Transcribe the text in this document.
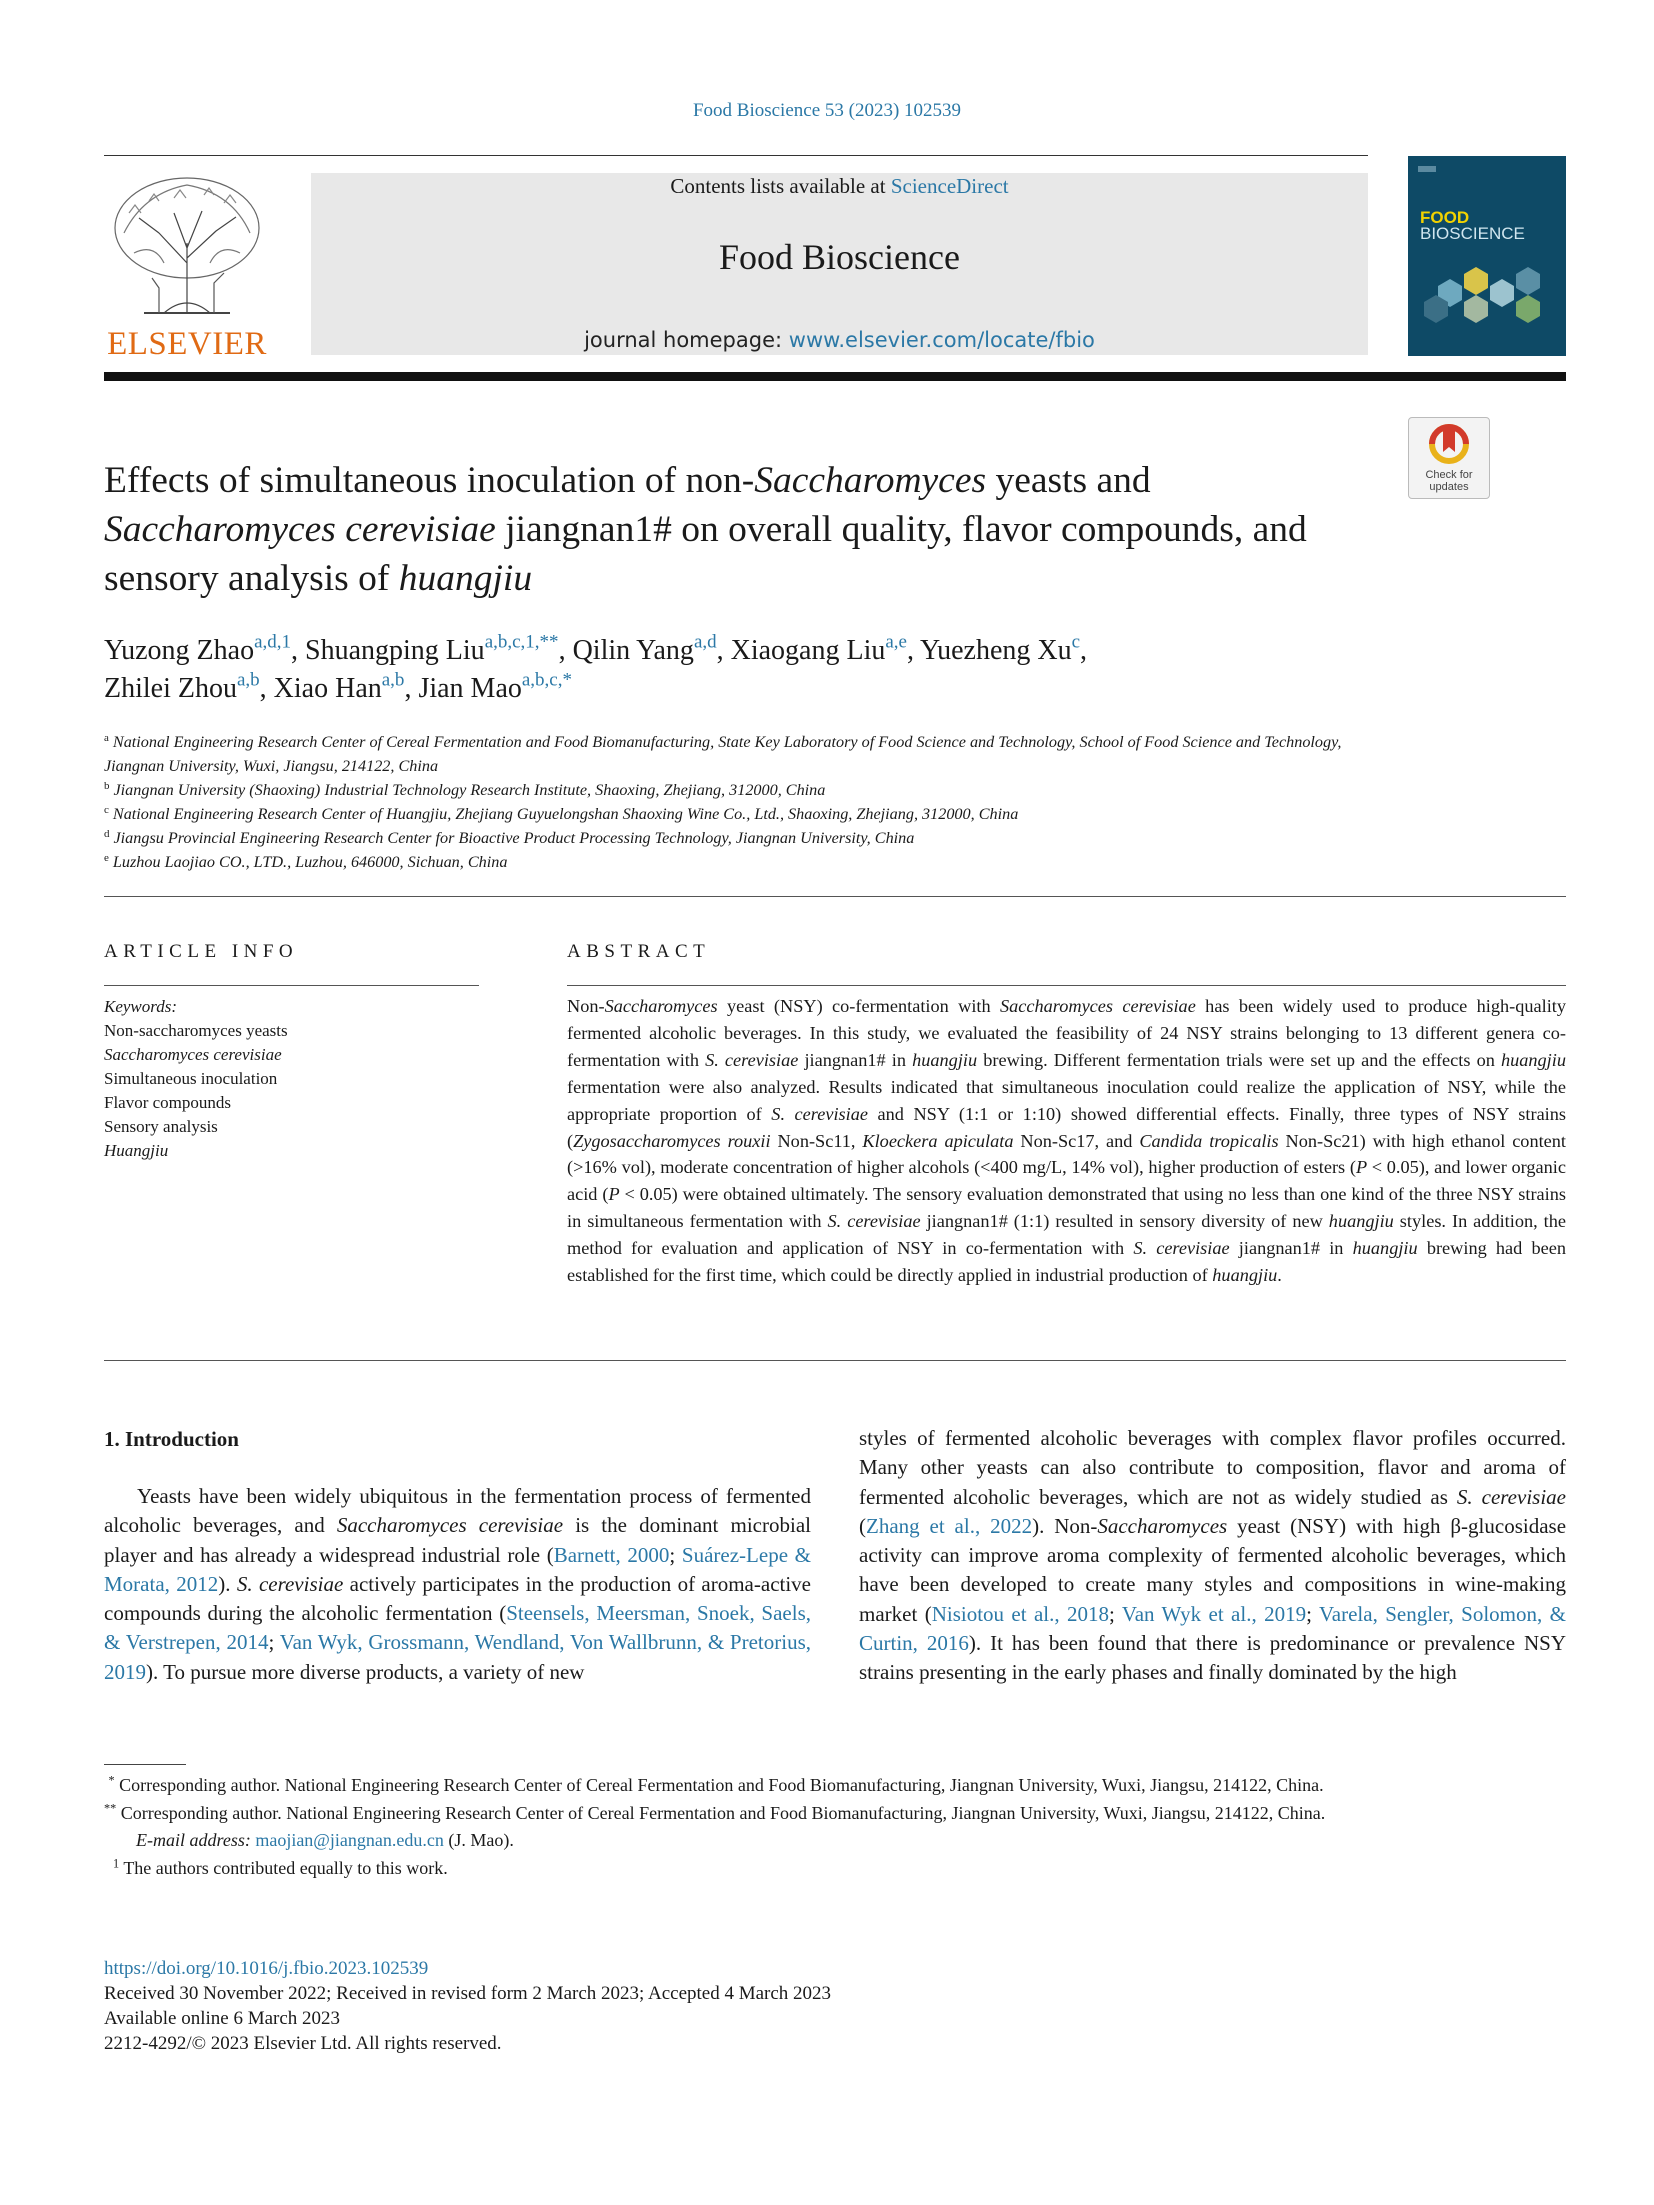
Food Bioscience 53 (2023) 102539
ELSEVIER
Contents lists available at ScienceDirect
Food Bioscience
journal homepage: www.elsevier.com/locate/fbio
FOOD
BIOSCIENCE
Check for updates
Effects of simultaneous inoculation of non-Saccharomyces yeasts and Saccharomyces cerevisiae jiangnan1# on overall quality, flavor compounds, and sensory analysis of huangjiu
Yuzong Zhao$^{a,d,1}$, Shuangping Liu$^{a,b,c,1,**}$, Qilin Yang$^{a,d}$, Xiaogang Liu$^{a,e}$, Yuezheng Xu$^c$,
Zhilei Zhou$^{a,b}$, Xiao Han$^{a,b}$, Jian Mao$^{a,b,c,*}$

$^a$ National Engineering Research Center of Cereal Fermentation and Food Biomanufacturing, State Key Laboratory of Food Science and Technology, School of Food Science and Technology, Jiangnan University, Wuxi, Jiangsu, 214122, China

$^b$ Jiangnan University (Shaoxing) Industrial Technology Research Institute, Shaoxing, Zhejiang, 312000, China

$^c$ National Engineering Research Center of Huangjiu, Zhejiang Guyuelongshan Shaoxing Wine Co., Ltd., Shaoxing, Zhejiang, 312000, China

$^d$ Jiangsu Provincial Engineering Research Center for Bioactive Product Processing Technology, Jiangnan University, China

$^e$ Luzhou Laojiao CO., LTD., Luzhou, 646000, Sichuan, China

ARTICLE INFO
Keywords:
Non-saccharomyces yeasts
Saccharomyces cerevisiae
Simultaneous inoculation
Flavor compounds
Sensory analysis
Huangjiu
ABSTRACT
Non-Saccharomyces yeast (NSY) co-fermentation with Saccharomyces cerevisiae has been widely used to produce high-quality fermented alcoholic beverages. In this study, we evaluated the feasibility of 24 NSY strains belonging to 13 different genera co-fermentation with S. cerevisiae jiangnan1# in huangjiu brewing. Different fermentation trials were set up and the effects on huangjiu fermentation were also analyzed. Results indicated that simultaneous inoculation could realize the application of NSY, while the appropriate proportion of S. cerevisiae and NSY (1:1 or 1:10) showed differential effects. Finally, three types of NSY strains (Zygosaccharomyces rouxii Non-Sc11, Kloeckera apiculata Non-Sc17, and Candida tropicalis Non-Sc21) with high ethanol content (>16% vol), moderate concentration of higher alcohols (<400 mg/L, 14% vol), higher production of esters (P < 0.05), and lower organic acid (P < 0.05) were obtained ultimately. The sensory evaluation demonstrated that using no less than one kind of the three NSY strains in simultaneous fermentation with S. cerevisiae jiangnan1# (1:1) resulted in sensory diversity of new huangjiu styles. In addition, the method for evaluation and application of NSY in co-fermentation with S. cerevisiae jiangnan1# in huangjiu brewing had been established for the first time, which could be directly applied in industrial production of huangjiu.
1. Introduction
Yeasts have been widely ubiquitous in the fermentation process of fermented alcoholic beverages, and Saccharomyces cerevisiae is the dominant microbial player and has already a widespread industrial role (Barnett, 2000; Suárez-Lepe & Morata, 2012). S. cerevisiae actively participates in the production of aroma-active compounds during the alcoholic fermentation (Steensels, Meersman, Snoek, Saels, & Verstrepen, 2014; Van Wyk, Grossmann, Wendland, Von Wallbrunn, & Pretorius, 2019). To pursue more diverse products, a variety of new
styles of fermented alcoholic beverages with complex flavor profiles occurred. Many other yeasts can also contribute to composition, flavor and aroma of fermented alcoholic beverages, which are not as widely studied as S. cerevisiae (Zhang et al., 2022). Non-Saccharomyces yeast (NSY) with high β-glucosidase activity can improve aroma complexity of fermented alcoholic beverages, which have been developed to create many styles and compositions in wine-making market (Nisiotou et al., 2018; Van Wyk et al., 2019; Varela, Sengler, Solomon, & Curtin, 2016). It has been found that there is predominance or prevalence NSY strains presenting in the early phases and finally dominated by the high

* Corresponding author. National Engineering Research Center of Cereal Fermentation and Food Biomanufacturing, Jiangnan University, Wuxi, Jiangsu, 214122, China.

** Corresponding author. National Engineering Research Center of Cereal Fermentation and Food Biomanufacturing, Jiangnan University, Wuxi, Jiangsu, 214122, China.

E-mail address: maojian@jiangnan.edu.cn (J. Mao).

$^1$ The authors contributed equally to this work.

https://doi.org/10.1016/j.fbio.2023.102539

Received 30 November 2022; Received in revised form 2 March 2023; Accepted 4 March 2023

Available online 6 March 2023

2212-4292/© 2023 Elsevier Ltd. All rights reserved.
